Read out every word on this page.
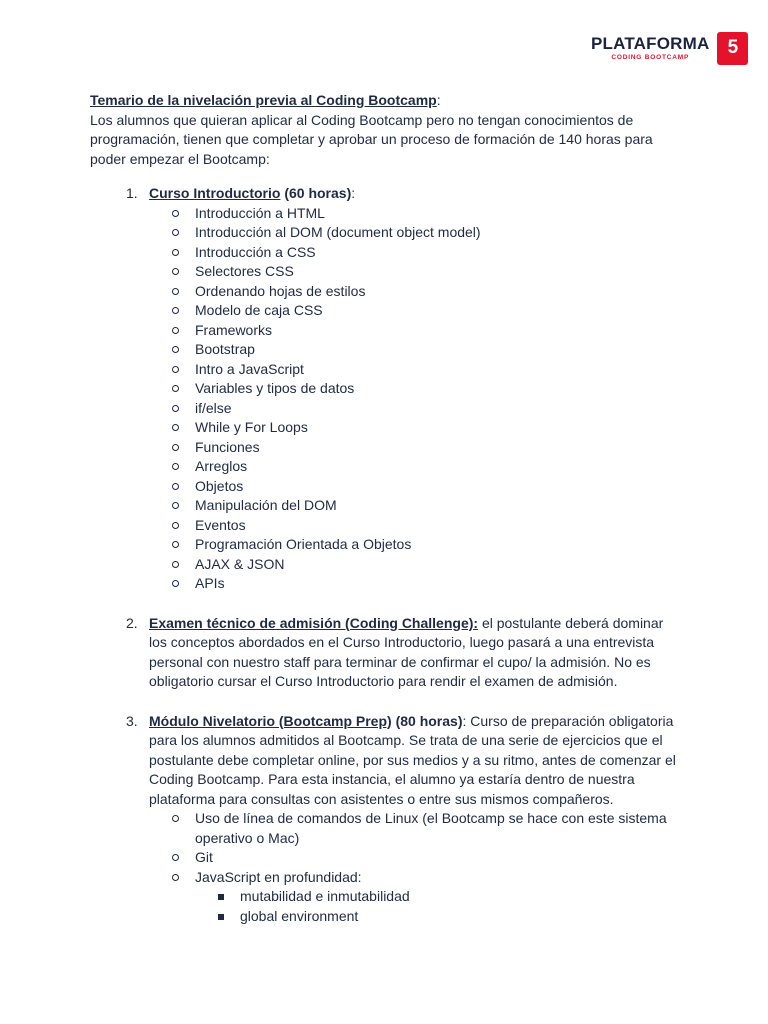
PLATAFORMA
CODING BOOTCAMP	5

Temario de la nivelación previa al Coding Bootcamp:

Los alumnos que quieran aplicar al Coding Bootcamp pero no tengan conocimientos de programación, tienen que completar y aprobar un proceso de formación de 140 horas para poder empezar el Bootcamp:

1. Curso Introductorio (60 horas):

Introducción a HTML
Introducción al DOM (document object model)
Introducción a CSS
Selectores CSS
Ordenando hojas de estilos
Modelo de caja CSS
Frameworks
Bootstrap
Intro a JavaScript
Variables y tipos de datos
if/else
While y For Loops
Funciones
Arreglos
Objetos
Manipulación del DOM
Eventos
Programación Orientada a Objetos
AJAX & JSON
APIs
2. Examen técnico de admisión (Coding Challenge): el postulante deberá dominar los conceptos abordados en el Curso Introductorio, luego pasará a una entrevista personal con nuestro staff para terminar de confirmar el cupo/ la admisión. No es obligatorio cursar el Curso Introductorio para rendir el examen de admisión.

3. Módulo Nivelatorio (Bootcamp Prep) (80 horas): Curso de preparación obligatoria para los alumnos admitidos al Bootcamp. Se trata de una serie de ejercicios que el postulante debe completar online, por sus medios y a su ritmo, antes de comenzar el Coding Bootcamp. Para esta instancia, el alumno ya estaría dentro de nuestra plataforma para consultas con asistentes o entre sus mismos compañeros.

Uso de línea de comandos de Linux (el Bootcamp se hace con este sistema operativo o Mac)
Git
JavaScript en profundidad:
mutabilidad e inmutabilidad
global environment
